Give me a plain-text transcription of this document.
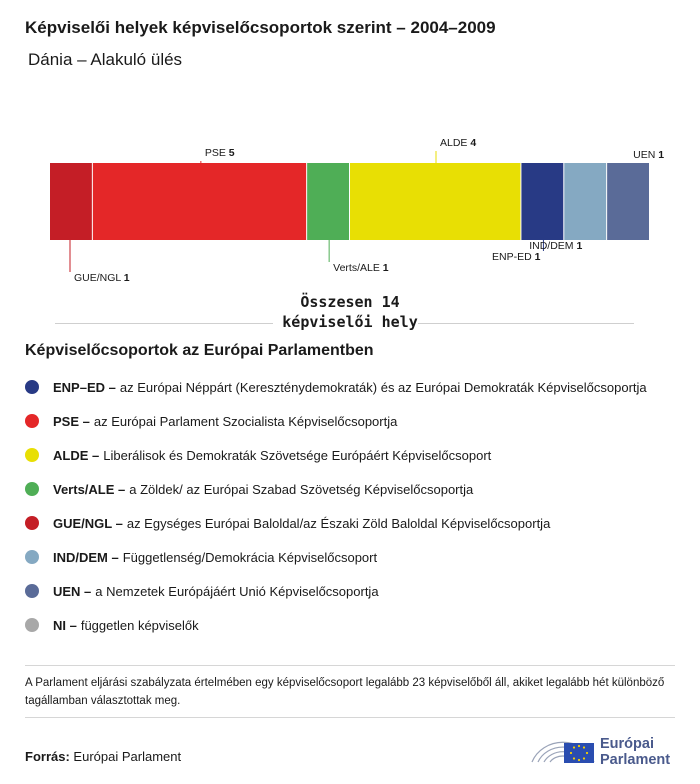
Képviselői helyek képviselőcsoportok szerint – 2004–2009

Dánia – Alakuló ülés

GUE/NGL 1
PSE 5
Verts/ALE 1
ALDE 4
ENP-ED 1
IND/DEM 1
UEN 1
Összesen 14 képviselői hely
Képviselőcsoportok az Európai Parlamentben
ENP–ED – az Európai Néppárt (Kereszténydemokraták) és az Európai Demokraták Képviselőcsoportja
PSE – az Európai Parlament Szocialista Képviselőcsoportja
ALDE – Liberálisok és Demokraták Szövetsége Európáért Képviselőcsoport
Verts/ALE – a Zöldek/ az Európai Szabad Szövetség Képviselőcsoportja
GUE/NGL – az Egységes Európai Baloldal/az Északi Zöld Baloldal Képviselőcsoportja
IND/DEM – Függetlenség/Demokrácia Képviselőcsoport
UEN – a Nemzetek Európájáért Unió Képviselőcsoportja
NI – független képviselők

A Parlament eljárási szabályzata értelmében egy képviselőcsoport legalább 23 képviselőből áll, akiket legalább hét különböző tagállamban választottak meg.

Forrás: Európai Parlament
Európai
Parlament
